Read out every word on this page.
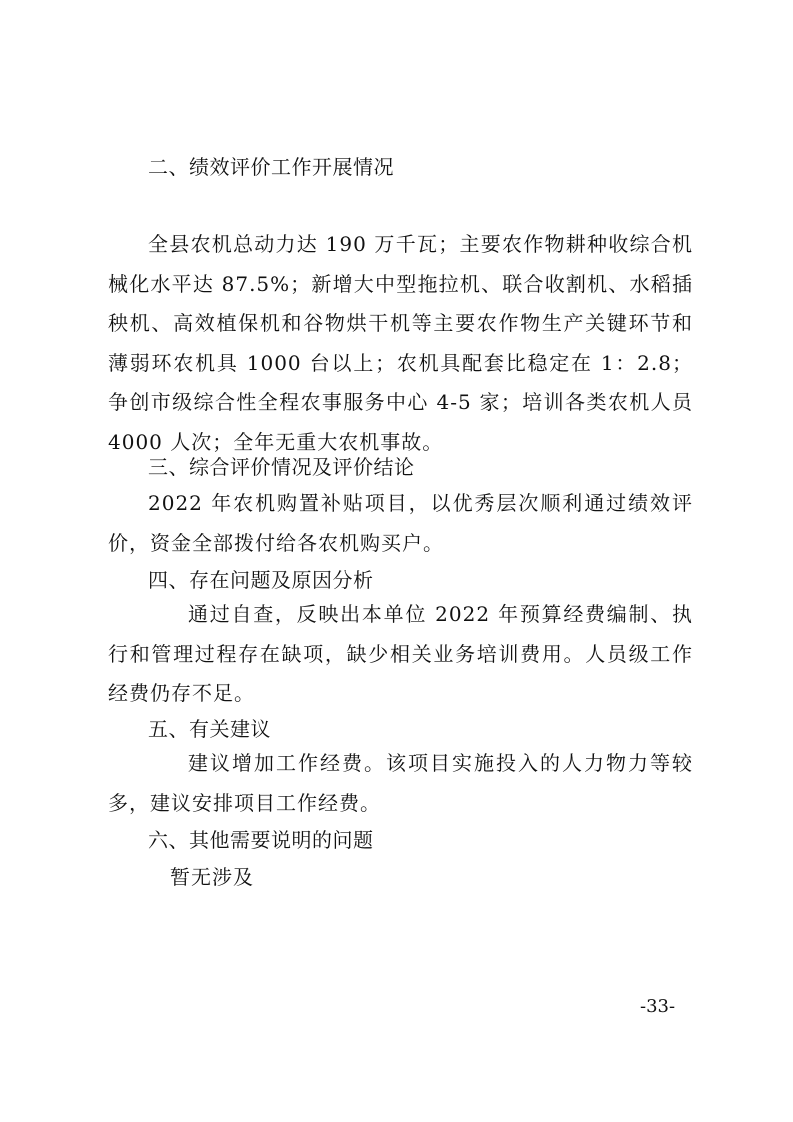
二、绩效评价工作开展情况

全县农机总动力达 190 万千瓦；主要农作物耕种收综合机械化水平达 87.5%；新增大中型拖拉机、联合收割机、水稻插秧机、高效植保机和谷物烘干机等主要农作物生产关键环节和薄弱环农机具 1000 台以上；农机具配套比稳定在 1：2.8；争创市级综合性全程农事服务中心 4-5 家；培训各类农机人员 4000 人次；全年无重大农机事故。

三、综合评价情况及评价结论

2022 年农机购置补贴项目，以优秀层次顺利通过绩效评价，资金全部拨付给各农机购买户。

四、存在问题及原因分析

通过自查，反映出本单位 2022 年预算经费编制、执行和管理过程存在缺项，缺少相关业务培训费用。人员级工作经费仍存不足。

五、有关建议

建议增加工作经费。该项目实施投入的人力物力等较多，建议安排项目工作经费。

六、其他需要说明的问题
暂无涉及
-33-
